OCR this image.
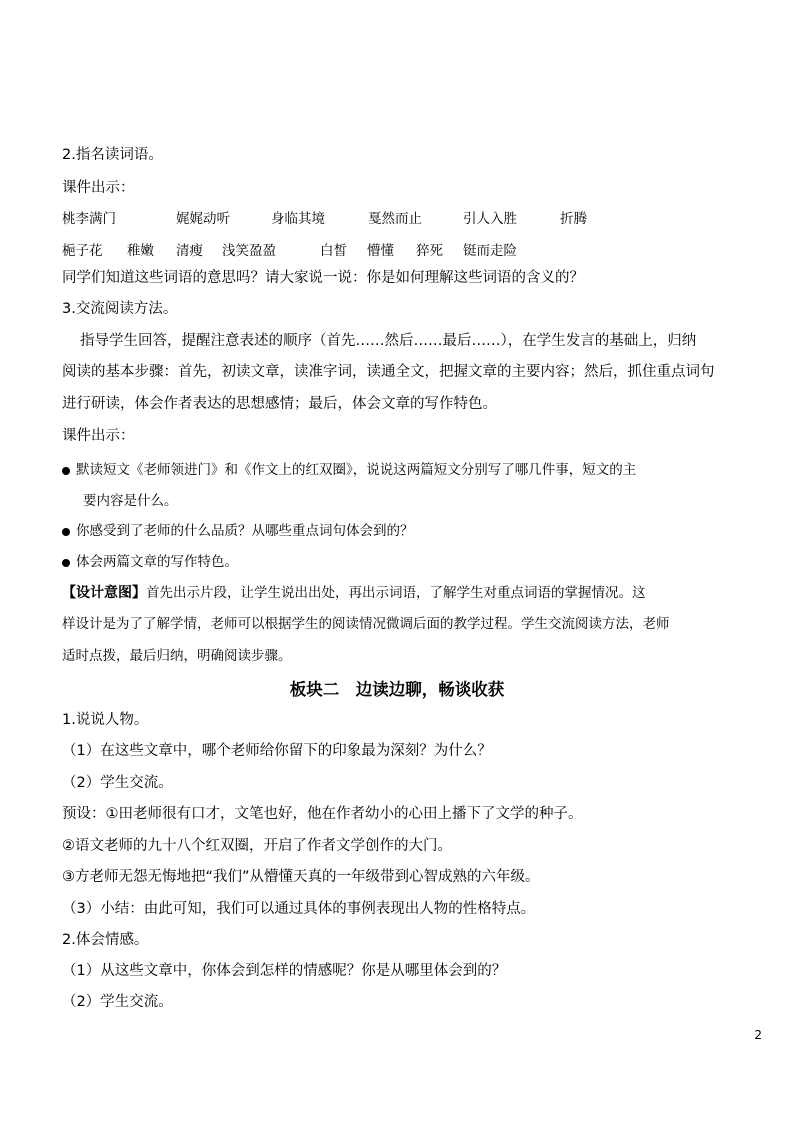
2.指名读词语。
课件出示：
桃李满门	娓娓动听	身临其境	戛然而止	引人入胜	折腾
梔子花 稚嫩 清瘦 浅笑盈盈	白皙 懵懂 猝死 铤而走险
同学们知道这些词语的意思吗？请大家说一说：你是如何理解这些词语的含义的？
3.交流阅读方法。
指导学生回答，提醒注意表述的顺序（首先……然后……最后……），在学生发言的基础上，归纳
阅读的基本步骤：首先，初读文章，读准字词，读通全文，把握文章的主要内容；然后，抓住重点词句
进行研读，体会作者表达的思想感情；最后，体会文章的写作特色。
课件出示：
默读短文《老师领进门》和《作文上的红双圈》，说说这两篇短文分别写了哪几件事，短文的主
要内容是什么。
你感受到了老师的什么品质？从哪些重点词句体会到的？
体会两篇文章的写作特色。
【设计意图】首先出示片段，让学生说出出处，再出示词语，了解学生对重点词语的掌握情况。这
样设计是为了了解学情，老师可以根据学生的阅读情况微调后面的教学过程。学生交流阅读方法，老师
适时点拨，最后归纳，明确阅读步骤。
板块二　边读边聊，畅谈收获
1.说说人物。
（1）在这些文章中，哪个老师给你留下的印象最为深刻？为什么？
（2）学生交流。
预设：①田老师很有口才，文笔也好，他在作者幼小的心田上播下了文学的种子。
②语文老师的九十八个红双圈，开启了作者文学创作的大门。
③方老师无怨无悔地把“我们”从懵懂天真的一年级带到心智成熟的六年级。
（3）小结：由此可知，我们可以通过具体的事例表现出人物的性格特点。
2.体会情感。
（1）从这些文章中，你体会到怎样的情感呢？你是从哪里体会到的？
（2）学生交流。
2
